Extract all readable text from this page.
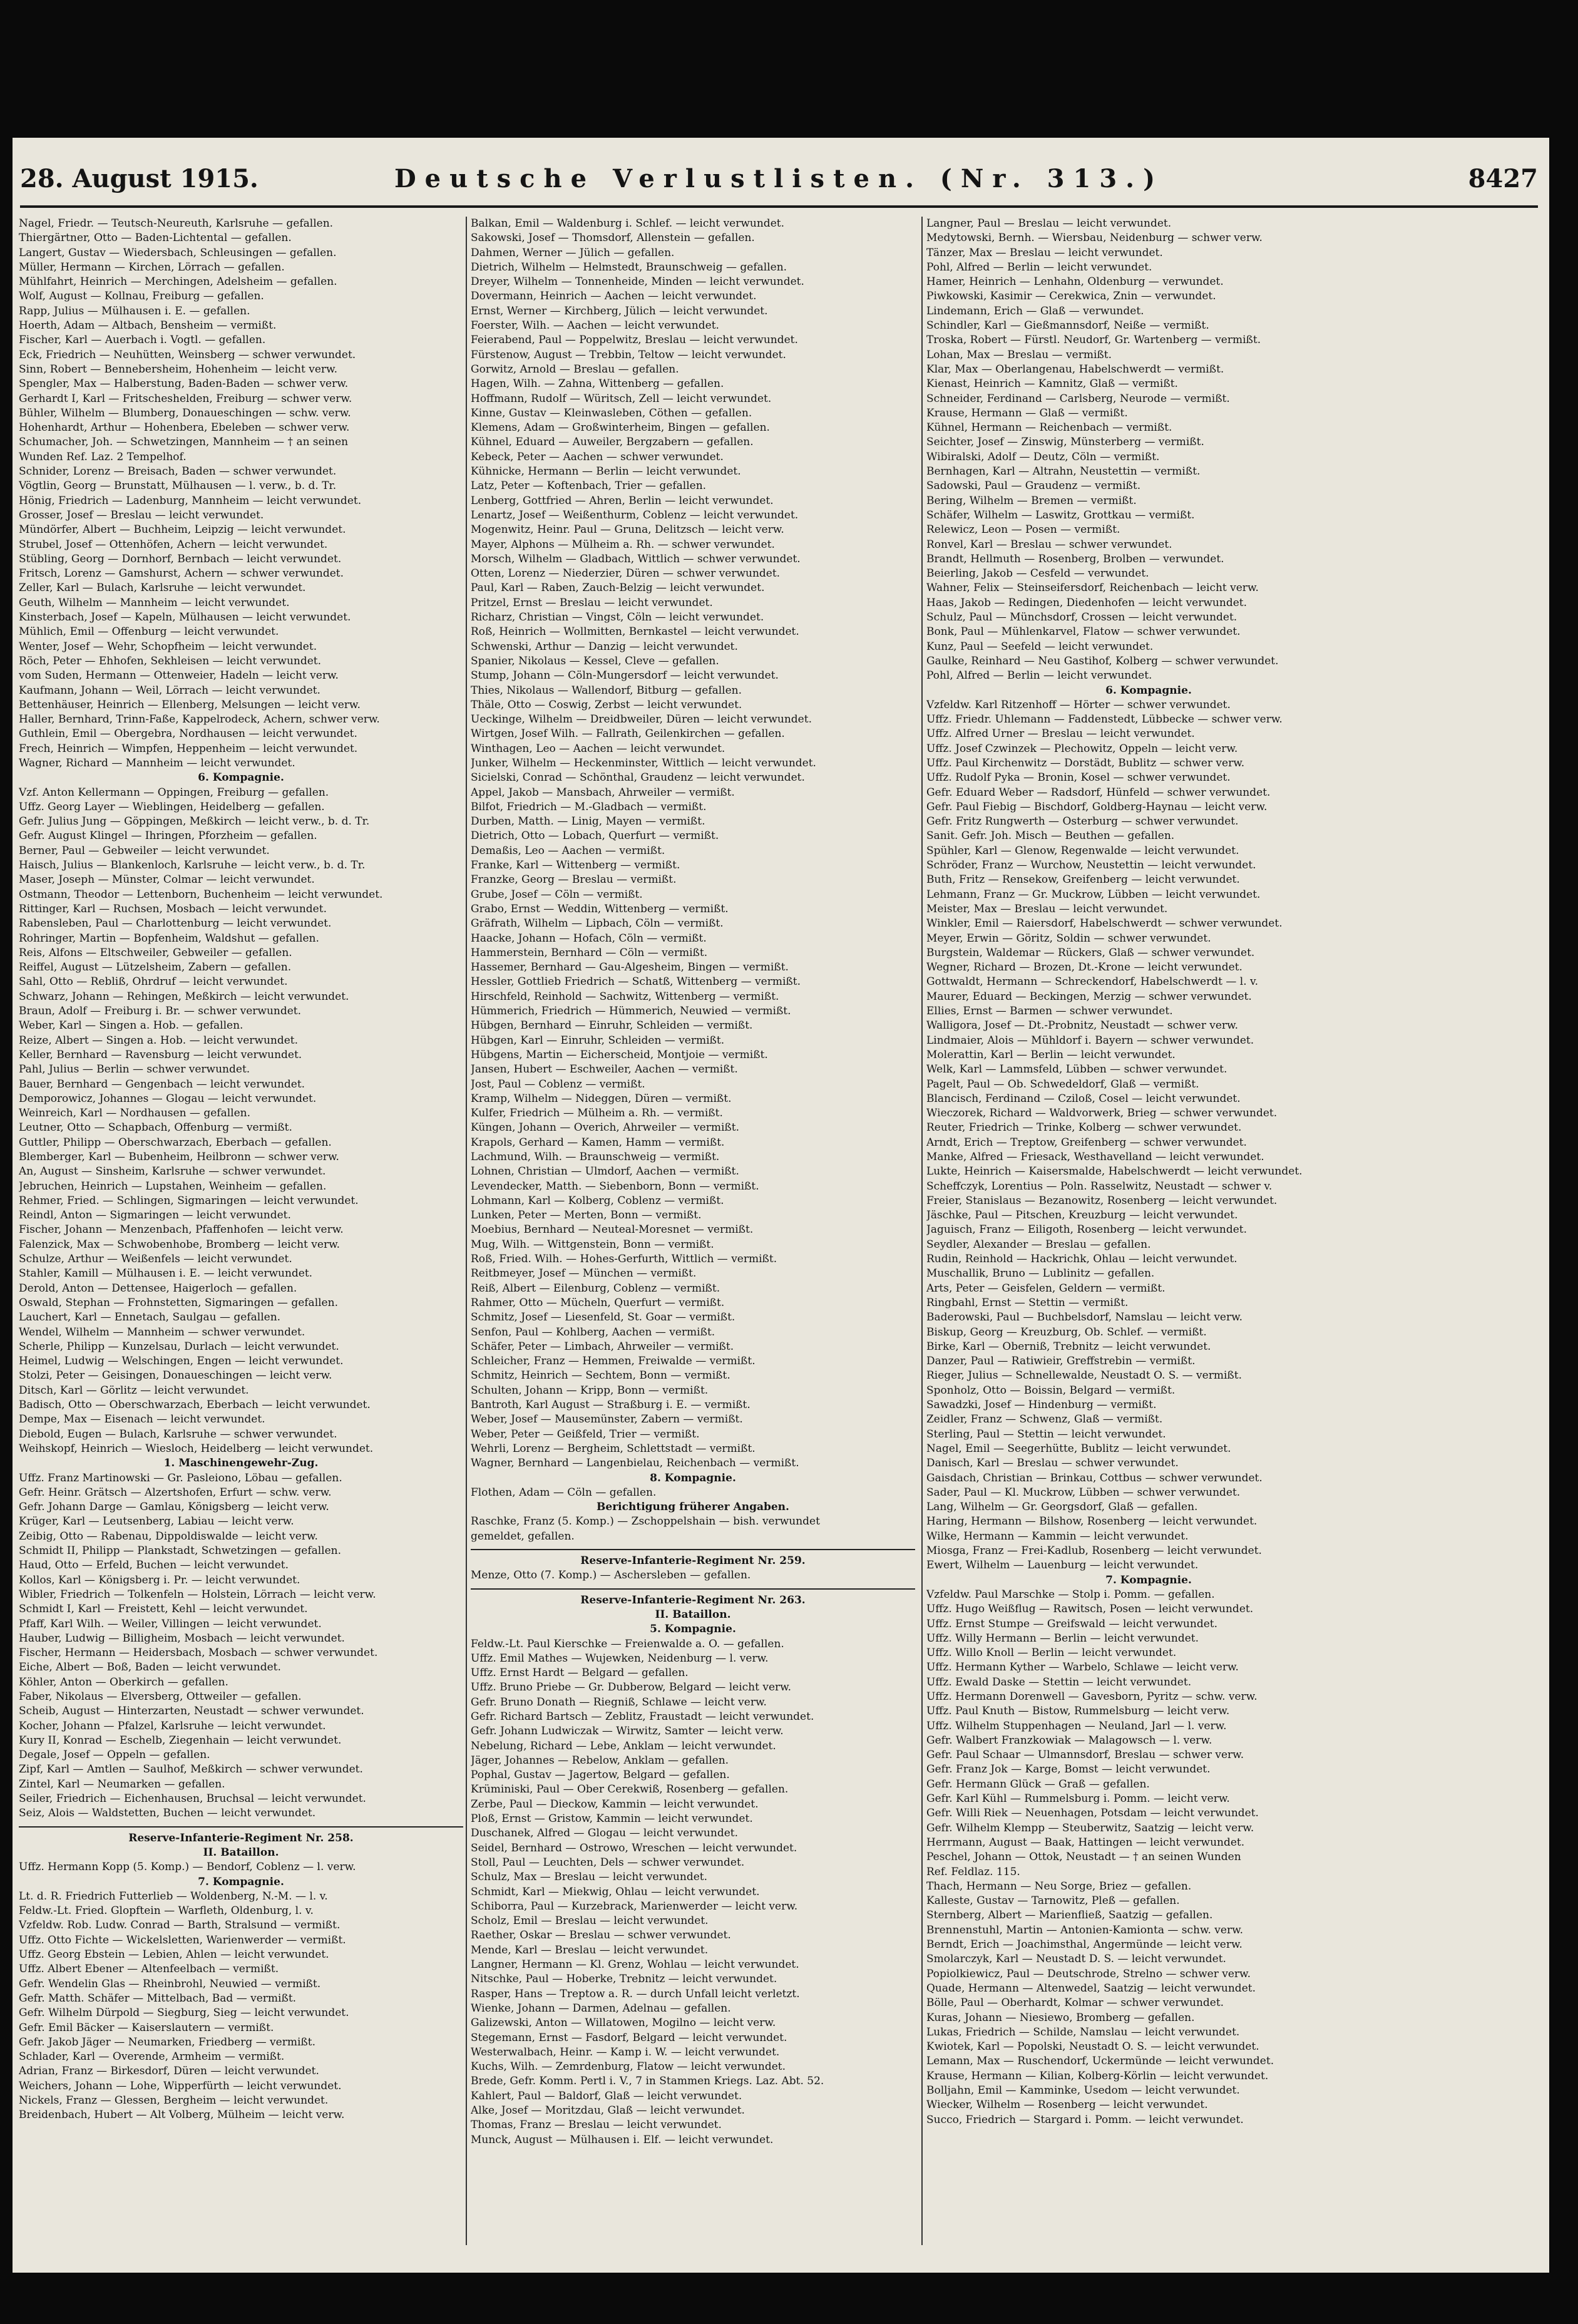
28. August 1915.	Deutsche Verlustlisten. (Nr. 313.)	8427
Nagel, Friedr. — Teutsch-Neureuth, Karlsruhe — gefallen.
Thiergärtner, Otto — Baden-Lichtental — gefallen.
Langert, Gustav — Wiedersbach, Schleusingen — gefallen.
Müller, Hermann — Kirchen, Lörrach — gefallen.
Mühlfahrt, Heinrich — Merchingen, Adelsheim — gefallen.
Wolf, August — Kollnau, Freiburg — gefallen.
Rapp, Julius — Mülhausen i. E. — gefallen.
Hoerth, Adam — Altbach, Bensheim — vermißt.
Fischer, Karl — Auerbach i. Vogtl. — gefallen.
Eck, Friedrich — Neuhütten, Weinsberg — schwer verwundet.
Sinn, Robert — Bennebersheim, Hohenheim — leicht verw.
Spengler, Max — Halberstung, Baden-Baden — schwer verw.
Gerhardt I, Karl — Fritscheshelden, Freiburg — schwer verw.
Bühler, Wilhelm — Blumberg, Donaueschingen — schw. verw.
Hohenhardt, Arthur — Hohenbera, Ebeleben — schwer verw.
Schumacher, Joh. — Schwetzingen, Mannheim — † an seinen
Wunden Ref. Laz. 2 Tempelhof.
Schnider, Lorenz — Breisach, Baden — schwer verwundet.
Vögtlin, Georg — Brunstatt, Mülhausen — l. verw., b. d. Tr.
Hönig, Friedrich — Ladenburg, Mannheim — leicht verwundet.
Grosser, Josef — Breslau — leicht verwundet.
Mündörfer, Albert — Buchheim, Leipzig — leicht verwundet.
Strubel, Josef — Ottenhöfen, Achern — leicht verwundet.
Stübling, Georg — Dornhorf, Bernbach — leicht verwundet.
Fritsch, Lorenz — Gamshurst, Achern — schwer verwundet.
Zeller, Karl — Bulach, Karlsruhe — leicht verwundet.
Geuth, Wilhelm — Mannheim — leicht verwundet.
Kinsterbach, Josef — Kapeln, Mülhausen — leicht verwundet.
Mühlich, Emil — Offenburg — leicht verwundet.
Wenter, Josef — Wehr, Schopfheim — leicht verwundet.
Röch, Peter — Ehhofen, Sekhleisen — leicht verwundet.
vom Suden, Hermann — Ottenweier, Hadeln — leicht verw.
Kaufmann, Johann — Weil, Lörrach — leicht verwundet.
Bettenhäuser, Heinrich — Ellenberg, Melsungen — leicht verw.
Haller, Bernhard, Trinn-Faße, Kappelrodeck, Achern, schwer verw.
Guthlein, Emil — Obergebra, Nordhausen — leicht verwundet.
Frech, Heinrich — Wimpfen, Heppenheim — leicht verwundet.
Wagner, Richard — Mannheim — leicht verwundet.
6. Kompagnie.
Vzf. Anton Kellermann — Oppingen, Freiburg — gefallen.
Uffz. Georg Layer — Wieblingen, Heidelberg — gefallen.
Gefr. Julius Jung — Göppingen, Meßkirch — leicht verw., b. d. Tr.
Gefr. August Klingel — Ihringen, Pforzheim — gefallen.
Berner, Paul — Gebweiler — leicht verwundet.
Haisch, Julius — Blankenloch, Karlsruhe — leicht verw., b. d. Tr.
Maser, Joseph — Münster, Colmar — leicht verwundet.
Ostmann, Theodor — Lettenborn, Buchenheim — leicht verwundet.
Rittinger, Karl — Ruchsen, Mosbach — leicht verwundet.
Rabensleben, Paul — Charlottenburg — leicht verwundet.
Rohringer, Martin — Bopfenheim, Waldshut — gefallen.
Reis, Alfons — Eltschweiler, Gebweiler — gefallen.
Reiffel, August — Lützelsheim, Zabern — gefallen.
Sahl, Otto — Rebliß, Ohrdruf — leicht verwundet.
Schwarz, Johann — Rehingen, Meßkirch — leicht verwundet.
Braun, Adolf — Freiburg i. Br. — schwer verwundet.
Weber, Karl — Singen a. Hob. — gefallen.
Reize, Albert — Singen a. Hob. — leicht verwundet.
Keller, Bernhard — Ravensburg — leicht verwundet.
Pahl, Julius — Berlin — schwer verwundet.
Bauer, Bernhard — Gengenbach — leicht verwundet.
Demporowicz, Johannes — Glogau — leicht verwundet.
Weinreich, Karl — Nordhausen — gefallen.
Leutner, Otto — Schapbach, Offenburg — vermißt.
Guttler, Philipp — Oberschwarzach, Eberbach — gefallen.
Blemberger, Karl — Bubenheim, Heilbronn — schwer verw.
An, August — Sinsheim, Karlsruhe — schwer verwundet.
Jebruchen, Heinrich — Lupstahen, Weinheim — gefallen.
Rehmer, Fried. — Schlingen, Sigmaringen — leicht verwundet.
Reindl, Anton — Sigmaringen — leicht verwundet.
Fischer, Johann — Menzenbach, Pfaffenhofen — leicht verw.
Falenzick, Max — Schwobenhobe, Bromberg — leicht verw.
Schulze, Arthur — Weißenfels — leicht verwundet.
Stahler, Kamill — Mülhausen i. E. — leicht verwundet.
Derold, Anton — Dettensee, Haigerloch — gefallen.
Oswald, Stephan — Frohnstetten, Sigmaringen — gefallen.
Lauchert, Karl — Ennetach, Saulgau — gefallen.
Wendel, Wilhelm — Mannheim — schwer verwundet.
Scherle, Philipp — Kunzelsau, Durlach — leicht verwundet.
Heimel, Ludwig — Welschingen, Engen — leicht verwundet.
Stolzi, Peter — Geisingen, Donaueschingen — leicht verw.
Ditsch, Karl — Görlitz — leicht verwundet.
Badisch, Otto — Oberschwarzach, Eberbach — leicht verwundet.
Dempe, Max — Eisenach — leicht verwundet.
Diebold, Eugen — Bulach, Karlsruhe — schwer verwundet.
Weihskopf, Heinrich — Wiesloch, Heidelberg — leicht verwundet.
1. Maschinengewehr-Zug.
Uffz. Franz Martinowski — Gr. Pasleiono, Löbau — gefallen.
Gefr. Heinr. Grätsch — Alzertshofen, Erfurt — schw. verw.
Gefr. Johann Darge — Gamlau, Königsberg — leicht verw.
Krüger, Karl — Leutsenberg, Labiau — leicht verw.
Zeibig, Otto — Rabenau, Dippoldiswalde — leicht verw.
Schmidt II, Philipp — Plankstadt, Schwetzingen — gefallen.
Haud, Otto — Erfeld, Buchen — leicht verwundet.
Kollos, Karl — Königsberg i. Pr. — leicht verwundet.
Wibler, Friedrich — Tolkenfeln — Holstein, Lörrach — leicht verw.
Schmidt I, Karl — Freistett, Kehl — leicht verwundet.
Pfaff, Karl Wilh. — Weiler, Villingen — leicht verwundet.
Hauber, Ludwig — Billigheim, Mosbach — leicht verwundet.
Fischer, Hermann — Heidersbach, Mosbach — schwer verwundet.
Eiche, Albert — Boß, Baden — leicht verwundet.
Köhler, Anton — Oberkirch — gefallen.
Faber, Nikolaus — Elversberg, Ottweiler — gefallen.
Scheib, August — Hinterzarten, Neustadt — schwer verwundet.
Kocher, Johann — Pfalzel, Karlsruhe — leicht verwundet.
Kury II, Konrad — Eschelb, Ziegenhain — leicht verwundet.
Degale, Josef — Oppeln — gefallen.
Zipf, Karl — Amtlen — Saulhof, Meßkirch — schwer verwundet.
Zintel, Karl — Neumarken — gefallen.
Seiler, Friedrich — Eichenhausen, Bruchsal — leicht verwundet.
Seiz, Alois — Waldstetten, Buchen — leicht verwundet.
Reserve-Infanterie-Regiment Nr. 258.
II. Bataillon.
Uffz. Hermann Kopp (5. Komp.) — Bendorf, Coblenz — l. verw.
7. Kompagnie.
Lt. d. R. Friedrich Futterlieb — Woldenberg, N.-M. — l. v.
Feldw.-Lt. Fried. Glopftein — Warfleth, Oldenburg, l. v.
Vzfeldw. Rob. Ludw. Conrad — Barth, Stralsund — vermißt.
Uffz. Otto Fichte — Wickelsletten, Warienwerder — vermißt.
Uffz. Georg Ebstein — Lebien, Ahlen — leicht verwundet.
Uffz. Albert Ebener — Altenfeelbach — vermißt.
Gefr. Wendelin Glas — Rheinbrohl, Neuwied — vermißt.
Gefr. Matth. Schäfer — Mittelbach, Bad — vermißt.
Gefr. Wilhelm Dürpold — Siegburg, Sieg — leicht verwundet.
Gefr. Emil Bäcker — Kaiserslautern — vermißt.
Gefr. Jakob Jäger — Neumarken, Friedberg — vermißt.
Schlader, Karl — Overende, Armheim — vermißt.
Adrian, Franz — Birkesdorf, Düren — leicht verwundet.
Weichers, Johann — Lohe, Wipperfürth — leicht verwundet.
Nickels, Franz — Glessen, Bergheim — leicht verwundet.
Breidenbach, Hubert — Alt Volberg, Mülheim — leicht verw.
Balkan, Emil — Waldenburg i. Schlef. — leicht verwundet.
Sakowski, Josef — Thomsdorf, Allenstein — gefallen.
Dahmen, Werner — Jülich — gefallen.
Dietrich, Wilhelm — Helmstedt, Braunschweig — gefallen.
Dreyer, Wilhelm — Tonnenheide, Minden — leicht verwundet.
Dovermann, Heinrich — Aachen — leicht verwundet.
Ernst, Werner — Kirchberg, Jülich — leicht verwundet.
Foerster, Wilh. — Aachen — leicht verwundet.
Feierabend, Paul — Poppelwitz, Breslau — leicht verwundet.
Fürstenow, August — Trebbin, Teltow — leicht verwundet.
Gorwitz, Arnold — Breslau — gefallen.
Hagen, Wilh. — Zahna, Wittenberg — gefallen.
Hoffmann, Rudolf — Würitsch, Zell — leicht verwundet.
Kinne, Gustav — Kleinwasleben, Cöthen — gefallen.
Klemens, Adam — Großwinterheim, Bingen — gefallen.
Kühnel, Eduard — Auweiler, Bergzabern — gefallen.
Kebeck, Peter — Aachen — schwer verwundet.
Kühnicke, Hermann — Berlin — leicht verwundet.
Latz, Peter — Koftenbach, Trier — gefallen.
Lenberg, Gottfried — Ahren, Berlin — leicht verwundet.
Lenartz, Josef — Weißenthurm, Coblenz — leicht verwundet.
Mogenwitz, Heinr. Paul — Gruna, Delitzsch — leicht verw.
Mayer, Alphons — Mülheim a. Rh. — schwer verwundet.
Morsch, Wilhelm — Gladbach, Wittlich — schwer verwundet.
Otten, Lorenz — Niederzier, Düren — schwer verwundet.
Paul, Karl — Raben, Zauch-Belzig — leicht verwundet.
Pritzel, Ernst — Breslau — leicht verwundet.
Richarz, Christian — Vingst, Cöln — leicht verwundet.
Roß, Heinrich — Wollmitten, Bernkastel — leicht verwundet.
Schwenski, Arthur — Danzig — leicht verwundet.
Spanier, Nikolaus — Kessel, Cleve — gefallen.
Stump, Johann — Cöln-Mungersdorf — leicht verwundet.
Thies, Nikolaus — Wallendorf, Bitburg — gefallen.
Thäle, Otto — Coswig, Zerbst — leicht verwundet.
Ueckinge, Wilhelm — Dreidbweiler, Düren — leicht verwundet.
Wirtgen, Josef Wilh. — Fallrath, Geilenkirchen — gefallen.
Winthagen, Leo — Aachen — leicht verwundet.
Junker, Wilhelm — Heckenminster, Wittlich — leicht verwundet.
Sicielski, Conrad — Schönthal, Graudenz — leicht verwundet.
Appel, Jakob — Mansbach, Ahrweiler — vermißt.
Bilfot, Friedrich — M.-Gladbach — vermißt.
Durben, Matth. — Linig, Mayen — vermißt.
Dietrich, Otto — Lobach, Querfurt — vermißt.
Demaßis, Leo — Aachen — vermißt.
Franke, Karl — Wittenberg — vermißt.
Franzke, Georg — Breslau — vermißt.
Grube, Josef — Cöln — vermißt.
Grabo, Ernst — Weddin, Wittenberg — vermißt.
Gräfrath, Wilhelm — Lipbach, Cöln — vermißt.
Haacke, Johann — Hofach, Cöln — vermißt.
Hammerstein, Bernhard — Cöln — vermißt.
Hassemer, Bernhard — Gau-Algesheim, Bingen — vermißt.
Hessler, Gottlieb Friedrich — Schatß, Wittenberg — vermißt.
Hirschfeld, Reinhold — Sachwitz, Wittenberg — vermißt.
Hümmerich, Friedrich — Hümmerich, Neuwied — vermißt.
Hübgen, Bernhard — Einruhr, Schleiden — vermißt.
Hübgen, Karl — Einruhr, Schleiden — vermißt.
Hübgens, Martin — Eicherscheid, Montjoie — vermißt.
Jansen, Hubert — Eschweiler, Aachen — vermißt.
Jost, Paul — Coblenz — vermißt.
Kramp, Wilhelm — Nideggen, Düren — vermißt.
Kulfer, Friedrich — Mülheim a. Rh. — vermißt.
Küngen, Johann — Overich, Ahrweiler — vermißt.
Krapols, Gerhard — Kamen, Hamm — vermißt.
Lachmund, Wilh. — Braunschweig — vermißt.
Lohnen, Christian — Ulmdorf, Aachen — vermißt.
Levendecker, Matth. — Siebenborn, Bonn — vermißt.
Lohmann, Karl — Kolberg, Coblenz — vermißt.
Lunken, Peter — Merten, Bonn — vermißt.
Moebius, Bernhard — Neuteal-Moresnet — vermißt.
Mug, Wilh. — Wittgenstein, Bonn — vermißt.
Roß, Fried. Wilh. — Hohes-Gerfurth, Wittlich — vermißt.
Reitbmeyer, Josef — München — vermißt.
Reiß, Albert — Eilenburg, Coblenz — vermißt.
Rahmer, Otto — Mücheln, Querfurt — vermißt.
Schmitz, Josef — Liesenfeld, St. Goar — vermißt.
Senfon, Paul — Kohlberg, Aachen — vermißt.
Schäfer, Peter — Limbach, Ahrweiler — vermißt.
Schleicher, Franz — Hemmen, Freiwalde — vermißt.
Schmitz, Heinrich — Sechtem, Bonn — vermißt.
Schulten, Johann — Kripp, Bonn — vermißt.
Bantroth, Karl August — Straßburg i. E. — vermißt.
Weber, Josef — Mausemünster, Zabern — vermißt.
Weber, Peter — Geißfeld, Trier — vermißt.
Wehrli, Lorenz — Bergheim, Schlettstadt — vermißt.
Wagner, Bernhard — Langenbielau, Reichenbach — vermißt.
8. Kompagnie.
Flothen, Adam — Cöln — gefallen.
Berichtigung früherer Angaben.
Raschke, Franz (5. Komp.) — Zschoppelshain — bish. verwundet
gemeldet, gefallen.
Reserve-Infanterie-Regiment Nr. 259.
Menze, Otto (7. Komp.) — Aschersleben — gefallen.
Reserve-Infanterie-Regiment Nr. 263.
II. Bataillon.
5. Kompagnie.
Feldw.-Lt. Paul Kierschke — Freienwalde a. O. — gefallen.
Uffz. Emil Mathes — Wujewken, Neidenburg — l. verw.
Uffz. Ernst Hardt — Belgard — gefallen.
Uffz. Bruno Priebe — Gr. Dubberow, Belgard — leicht verw.
Gefr. Bruno Donath — Riegniß, Schlawe — leicht verw.
Gefr. Richard Bartsch — Zeblitz, Fraustadt — leicht verwundet.
Gefr. Johann Ludwiczak — Wirwitz, Samter — leicht verw.
Nebelung, Richard — Lebe, Anklam — leicht verwundet.
Jäger, Johannes — Rebelow, Anklam — gefallen.
Pophal, Gustav — Jagertow, Belgard — gefallen.
Krüminiski, Paul — Ober Cerekwiß, Rosenberg — gefallen.
Zerbe, Paul — Dieckow, Kammin — leicht verwundet.
Ploß, Ernst — Gristow, Kammin — leicht verwundet.
Duschanek, Alfred — Glogau — leicht verwundet.
Seidel, Bernhard — Ostrowo, Wreschen — leicht verwundet.
Stoll, Paul — Leuchten, Dels — schwer verwundet.
Schulz, Max — Breslau — leicht verwundet.
Schmidt, Karl — Miekwig, Ohlau — leicht verwundet.
Schiborra, Paul — Kurzebrack, Marienwerder — leicht verw.
Scholz, Emil — Breslau — leicht verwundet.
Raether, Oskar — Breslau — schwer verwundet.
Mende, Karl — Breslau — leicht verwundet.
Langner, Hermann — Kl. Grenz, Wohlau — leicht verwundet.
Nitschke, Paul — Hoberke, Trebnitz — leicht verwundet.
Rasper, Hans — Treptow a. R. — durch Unfall leicht verletzt.
Wienke, Johann — Darmen, Adelnau — gefallen.
Galizewski, Anton — Willatowen, Mogilno — leicht verw.
Stegemann, Ernst — Fasdorf, Belgard — leicht verwundet.
Westerwalbach, Heinr. — Kamp i. W. — leicht verwundet.
Kuchs, Wilh. — Zemrdenburg, Flatow — leicht verwundet.
Brede, Gefr. Komm. Pertl i. V., 7 in Stammen Kriegs. Laz. Abt. 52.
Kahlert, Paul — Baldorf, Glaß — leicht verwundet.
Alke, Josef — Moritzdau, Glaß — leicht verwundet.
Thomas, Franz — Breslau — leicht verwundet.
Munck, August — Mülhausen i. Elf. — leicht verwundet.
Langner, Paul — Breslau — leicht verwundet.
Medytowski, Bernh. — Wiersbau, Neidenburg — schwer verw.
Tänzer, Max — Breslau — leicht verwundet.
Pohl, Alfred — Berlin — leicht verwundet.
Hamer, Heinrich — Lenhahn, Oldenburg — verwundet.
Piwkowski, Kasimir — Cerekwica, Znin — verwundet.
Lindemann, Erich — Glaß — verwundet.
Schindler, Karl — Gießmannsdorf, Neiße — vermißt.
Troska, Robert — Fürstl. Neudorf, Gr. Wartenberg — vermißt.
Lohan, Max — Breslau — vermißt.
Klar, Max — Oberlangenau, Habelschwerdt — vermißt.
Kienast, Heinrich — Kamnitz, Glaß — vermißt.
Schneider, Ferdinand — Carlsberg, Neurode — vermißt.
Krause, Hermann — Glaß — vermißt.
Kühnel, Hermann — Reichenbach — vermißt.
Seichter, Josef — Zinswig, Münsterberg — vermißt.
Wibiralski, Adolf — Deutz, Cöln — vermißt.
Bernhagen, Karl — Altrahn, Neustettin — vermißt.
Sadowski, Paul — Graudenz — vermißt.
Bering, Wilhelm — Bremen — vermißt.
Schäfer, Wilhelm — Laswitz, Grottkau — vermißt.
Relewicz, Leon — Posen — vermißt.
Ronvel, Karl — Breslau — schwer verwundet.
Brandt, Hellmuth — Rosenberg, Brolben — verwundet.
Beierling, Jakob — Cesfeld — verwundet.
Wahner, Felix — Steinseifersdorf, Reichenbach — leicht verw.
Haas, Jakob — Redingen, Diedenhofen — leicht verwundet.
Schulz, Paul — Münchsdorf, Crossen — leicht verwundet.
Bonk, Paul — Mühlenkarvel, Flatow — schwer verwundet.
Kunz, Paul — Seefeld — leicht verwundet.
Gaulke, Reinhard — Neu Gastihof, Kolberg — schwer verwundet.
Pohl, Alfred — Berlin — leicht verwundet.
6. Kompagnie.
Vzfeldw. Karl Ritzenhoff — Hörter — schwer verwundet.
Uffz. Friedr. Uhlemann — Faddenstedt, Lübbecke — schwer verw.
Uffz. Alfred Urner — Breslau — leicht verwundet.
Uffz. Josef Czwinzek — Plechowitz, Oppeln — leicht verw.
Uffz. Paul Kirchenwitz — Dorstädt, Bublitz — schwer verw.
Uffz. Rudolf Pyka — Bronin, Kosel — schwer verwundet.
Gefr. Eduard Weber — Radsdorf, Hünfeld — schwer verwundet.
Gefr. Paul Fiebig — Bischdorf, Goldberg-Haynau — leicht verw.
Gefr. Fritz Rungwerth — Osterburg — schwer verwundet.
Sanit. Gefr. Joh. Misch — Beuthen — gefallen.
Spühler, Karl — Glenow, Regenwalde — leicht verwundet.
Schröder, Franz — Wurchow, Neustettin — leicht verwundet.
Buth, Fritz — Rensekow, Greifenberg — leicht verwundet.
Lehmann, Franz — Gr. Muckrow, Lübben — leicht verwundet.
Meister, Max — Breslau — leicht verwundet.
Winkler, Emil — Raiersdorf, Habelschwerdt — schwer verwundet.
Meyer, Erwin — Göritz, Soldin — schwer verwundet.
Burgstein, Waldemar — Rückers, Glaß — schwer verwundet.
Wegner, Richard — Brozen, Dt.-Krone — leicht verwundet.
Gottwaldt, Hermann — Schreckendorf, Habelschwerdt — l. v.
Maurer, Eduard — Beckingen, Merzig — schwer verwundet.
Ellies, Ernst — Barmen — schwer verwundet.
Walligora, Josef — Dt.-Probnitz, Neustadt — schwer verw.
Lindmaier, Alois — Mühldorf i. Bayern — schwer verwundet.
Molerattin, Karl — Berlin — leicht verwundet.
Welk, Karl — Lammsfeld, Lübben — schwer verwundet.
Pagelt, Paul — Ob. Schwedeldorf, Glaß — vermißt.
Blancisch, Ferdinand — Cziloß, Cosel — leicht verwundet.
Wieczorek, Richard — Waldvorwerk, Brieg — schwer verwundet.
Reuter, Friedrich — Trinke, Kolberg — schwer verwundet.
Arndt, Erich — Treptow, Greifenberg — schwer verwundet.
Manke, Alfred — Friesack, Westhavelland — leicht verwundet.
Lukte, Heinrich — Kaisersmalde, Habelschwerdt — leicht verwundet.
Scheffczyk, Lorentius — Poln. Rasselwitz, Neustadt — schwer v.
Freier, Stanislaus — Bezanowitz, Rosenberg — leicht verwundet.
Jäschke, Paul — Pitschen, Kreuzburg — leicht verwundet.
Jaguisch, Franz — Eiligoth, Rosenberg — leicht verwundet.
Seydler, Alexander — Breslau — gefallen.
Rudin, Reinhold — Hackrichk, Ohlau — leicht verwundet.
Muschallik, Bruno — Lublinitz — gefallen.
Arts, Peter — Geisfelen, Geldern — vermißt.
Ringbahl, Ernst — Stettin — vermißt.
Baderowski, Paul — Buchbelsdorf, Namslau — leicht verw.
Biskup, Georg — Kreuzburg, Ob. Schlef. — vermißt.
Birke, Karl — Oberniß, Trebnitz — leicht verwundet.
Danzer, Paul — Ratiwieir, Greffstrebin — vermißt.
Rieger, Julius — Schnellewalde, Neustadt O. S. — vermißt.
Sponholz, Otto — Boissin, Belgard — vermißt.
Sawadzki, Josef — Hindenburg — vermißt.
Zeidler, Franz — Schwenz, Glaß — vermißt.
Sterling, Paul — Stettin — leicht verwundet.
Nagel, Emil — Seegerhütte, Bublitz — leicht verwundet.
Danisch, Karl — Breslau — schwer verwundet.
Gaisdach, Christian — Brinkau, Cottbus — schwer verwundet.
Sader, Paul — Kl. Muckrow, Lübben — schwer verwundet.
Lang, Wilhelm — Gr. Georgsdorf, Glaß — gefallen.
Haring, Hermann — Bilshow, Rosenberg — leicht verwundet.
Wilke, Hermann — Kammin — leicht verwundet.
Miosga, Franz — Frei-Kadlub, Rosenberg — leicht verwundet.
Ewert, Wilhelm — Lauenburg — leicht verwundet.
7. Kompagnie.
Vzfeldw. Paul Marschke — Stolp i. Pomm. — gefallen.
Uffz. Hugo Weißflug — Rawitsch, Posen — leicht verwundet.
Uffz. Ernst Stumpe — Greifswald — leicht verwundet.
Uffz. Willy Hermann — Berlin — leicht verwundet.
Uffz. Willo Knoll — Berlin — leicht verwundet.
Uffz. Hermann Kyther — Warbelo, Schlawe — leicht verw.
Uffz. Ewald Daske — Stettin — leicht verwundet.
Uffz. Hermann Dorenwell — Gavesborn, Pyritz — schw. verw.
Uffz. Paul Knuth — Bistow, Rummelsburg — leicht verw.
Uffz. Wilhelm Stuppenhagen — Neuland, Jarl — l. verw.
Gefr. Walbert Franzkowiak — Malagowsch — l. verw.
Gefr. Paul Schaar — Ulmannsdorf, Breslau — schwer verw.
Gefr. Franz Jok — Karge, Bomst — leicht verwundet.
Gefr. Hermann Glück — Graß — gefallen.
Gefr. Karl Kühl — Rummelsburg i. Pomm. — leicht verw.
Gefr. Willi Riek — Neuenhagen, Potsdam — leicht verwundet.
Gefr. Wilhelm Klempp — Steuberwitz, Saatzig — leicht verw.
Herrmann, August — Baak, Hattingen — leicht verwundet.
Peschel, Johann — Ottok, Neustadt — † an seinen Wunden
Ref. Feldlaz. 115.
Thach, Hermann — Neu Sorge, Briez — gefallen.
Kalleste, Gustav — Tarnowitz, Pleß — gefallen.
Sternberg, Albert — Marienfließ, Saatzig — gefallen.
Brennenstuhl, Martin — Antonien-Kamionta — schw. verw.
Berndt, Erich — Joachimsthal, Angermünde — leicht verw.
Smolarczyk, Karl — Neustadt D. S. — leicht verwundet.
Popiolkiewicz, Paul — Deutschrode, Strelno — schwer verw.
Quade, Hermann — Altenwedel, Saatzig — leicht verwundet.
Bölle, Paul — Oberhardt, Kolmar — schwer verwundet.
Kuras, Johann — Niesiewo, Bromberg — gefallen.
Lukas, Friedrich — Schilde, Namslau — leicht verwundet.
Kwiotek, Karl — Popolski, Neustadt O. S. — leicht verwundet.
Lemann, Max — Ruschendorf, Uckermünde — leicht verwundet.
Krause, Hermann — Kilian, Kolberg-Körlin — leicht verwundet.
Bolljahn, Emil — Kamminke, Usedom — leicht verwundet.
Wiecker, Wilhelm — Rosenberg — leicht verwundet.
Succo, Friedrich — Stargard i. Pomm. — leicht verwundet.
